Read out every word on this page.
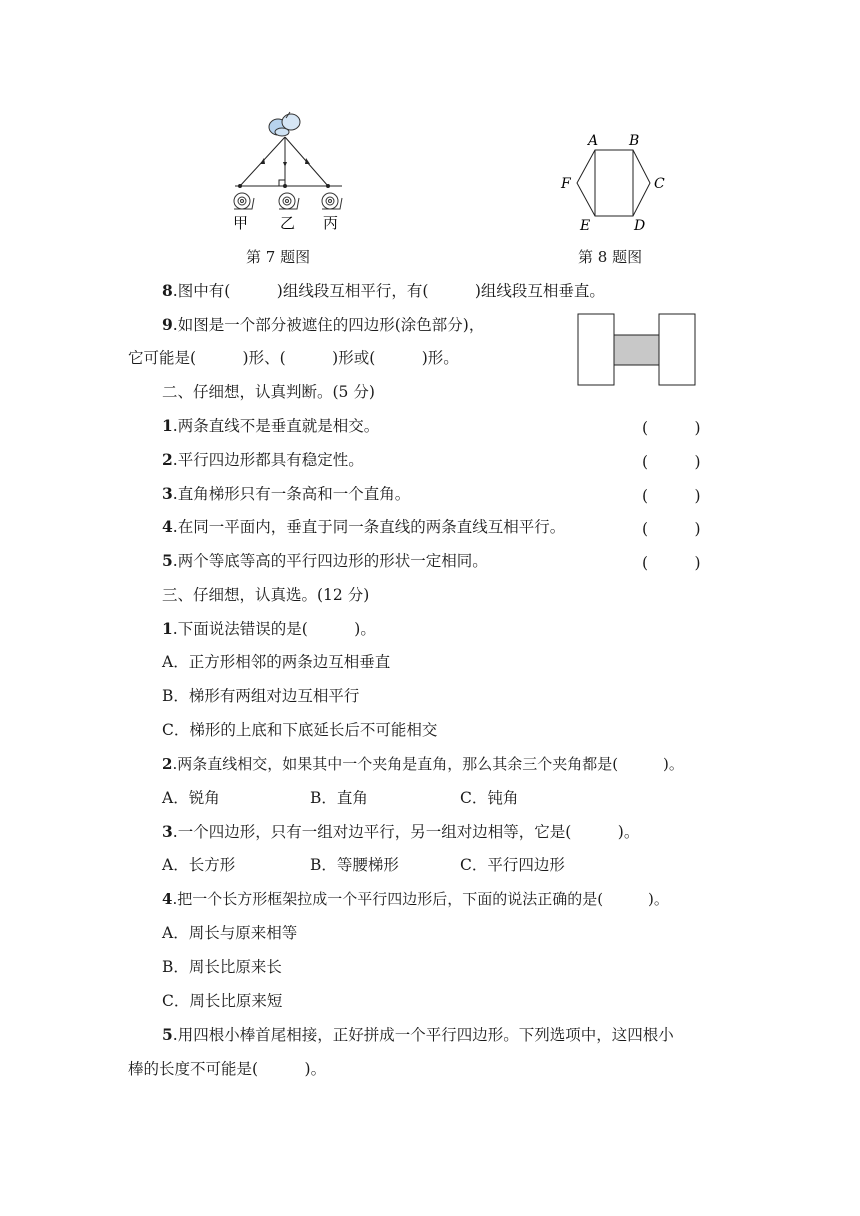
甲 乙 丙
第 7 题图
A B
C
D
E
F
第 8 题图
8.图中有(　　　)组线段互相平行，有(　　　)组线段互相垂直。
9.如图是一个部分被遮住的四边形(涂色部分)，
它可能是(　　　)形、(　　　)形或(　　　)形。
二、仔细想，认真判断。(5 分)
1.两条直线不是垂直就是相交。	(　　　)
2.平行四边形都具有稳定性。	(　　　)
3.直角梯形只有一条高和一个直角。	(　　　)
4.在同一平面内，垂直于同一条直线的两条直线互相平行。	(　　　)
5.两个等底等高的平行四边形的形状一定相同。	(　　　)
三、仔细想，认真选。(12 分)
1.下面说法错误的是(　　　)。
A．正方形相邻的两条边互相垂直
B．梯形有两组对边互相平行
C．梯形的上底和下底延长后不可能相交
2.两条直线相交，如果其中一个夹角是直角，那么其余三个夹角都是(　　　)。
A．锐角	B．直角	C．钝角
3.一个四边形，只有一组对边平行，另一组对边相等，它是(　　　)。
A．长方形	B．等腰梯形	C．平行四边形
4.把一个长方形框架拉成一个平行四边形后，下面的说法正确的是(　　　)。
A．周长与原来相等
B．周长比原来长
C．周长比原来短
5.用四根小棒首尾相接，正好拼成一个平行四边形。下列选项中，这四根小
棒的长度不可能是(　　　)。
